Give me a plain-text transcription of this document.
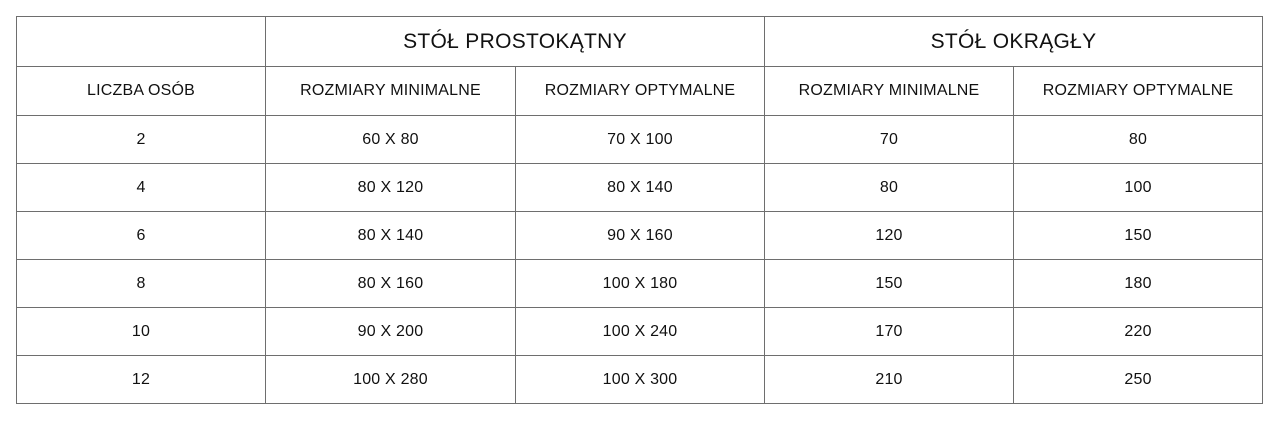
	STÓŁ PROSTOKĄTNY		STÓŁ OKRĄGŁY	
LICZBA OSÓB	ROZMIARY MINIMALNE	ROZMIARY OPTYMALNE	ROZMIARY MINIMALNE	ROZMIARY OPTYMALNE
2	60 X 80	70 X 100	70	80
4	80 X 120	80 X 140	80	100
6	80 X 140	90 X 160	120	150
8	80 X 160	100 X 180	150	180
10	90 X 200	100 X 240	170	220
12	100 X 280	100 X 300	210	250
